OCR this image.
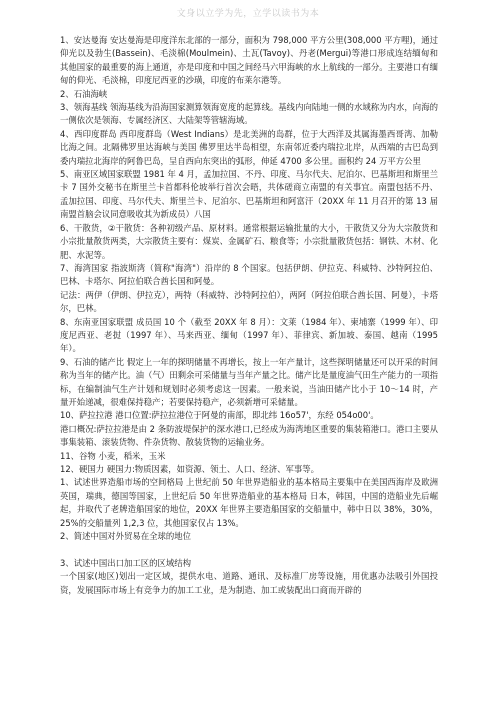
文身以立学为先，立学以读书为本

1、安达曼海 安达曼海是印度洋东北部的一部分，面积为 798,000 平方公里(308,000 平方哩)，通过仰光以及勃生(Bassein)、毛淡棉(Moulmein)、土瓦(Tavoy)、丹老(Mergui)等港口形成连结缅甸和其他国家的最重要的海上通道，亦是印度和中国之间经马六甲海峡的水上航线的一部分。主要港口有缅甸的仰光、毛淡棉，印度尼西亚的沙璜，印度的布莱尔港等。

2、石油海峡

3、领海基线 领海基线为沿海国家测算领海宽度的起算线。基线内向陆地一侧的水域称为内水，向海的一侧依次是领海、专属经济区、大陆架等管辖海域。

4、西印度群岛 西印度群岛（West Indians）是北美洲的岛群，位于大西洋及其属海墨西哥湾、加勒比海之间。北隔佛罗里达海峡与美国 佛罗里达半岛相望，东南邻近委内瑞拉北岸，从西端的古巴岛到委内瑞拉北海岸的阿鲁巴岛，呈自西向东突出的弧形，伸延 4700 多公里。面积约 24 万平方公里

5、南亚区域国家联盟 1981 年 4 月，孟加拉国、不丹、印度、马尔代夫、尼泊尔、巴基斯坦和斯里兰卡 7 国外交秘书在斯里兰卡首都科伦坡举行首次会晤，共体磋商立南盟的有关事宜。南盟包括不丹、孟加拉国、印度、马尔代夫、斯里兰卡、尼泊尔、巴基斯坦和阿富汗（20XX 年 11 月召开的第 13 届南盟首脑会议同意吸收其为新成员）八国

6、干散货，②干散货：各种初级产品、原材料。通常根据运输批量的大小，干散货又分为大宗散货和小宗批量散货两类，大宗散货主要有：煤炭、金属矿石、粮食等；小宗批量散货包括：钢铁、木材、化肥、水泥等。

7、海湾国家 指波斯湾（简称"海湾"）沿岸的 8 个国家。包括伊朗、伊拉克、科威特、沙特阿拉伯、巴林、卡塔尔、阿拉伯联合酋长国和阿曼。

记法：两伊（伊朗、伊拉克），两特（科威特、沙特阿拉伯），两阿（阿拉伯联合酋长国、阿曼），卡塔尔，巴林。

8、东南亚国家联盟 成员国 10 个（截至 20XX 年 8 月）：文莱（1984 年）、柬埔寨（1999 年）、印度尼西亚、老挝（1997 年）、马来西亚、缅甸（1997 年）、菲律宾、新加坡、泰国、越南（1995 年）。

9、石油的储产比 假定上一年的探明储量不再增长，按上一年产量计，这些探明储量还可以开采的时间称为当年的储产比。油（气）田剩余可采储量与当年产量之比。储产比是量度油气田生产能力的一项指标，在编制油气生产计划和规划时必须考虑这一因素。一般来说，当油田储产比小于 10～14 时，产量开始递减，很难保持稳产；若要保持稳产，必须新增可采储量。

10、萨拉拉港 港口位置:萨拉拉港位于阿曼的南部，即北纬 16o57'，东经 054o00'。

港口概况:萨拉拉港是由 2 条防波堤保护的深水港口,已经成为海湾地区重要的集装箱港口。港口主要从事集装箱、滚装货物、件杂货物、散装货物的运输业务。

11、谷物 小麦，稻米，玉米

12、硬国力 硬国力:物质因素，如资源、领土、人口、经济、军事等。

1、试述世界造船市场的空间格局 上世纪前 50 年世界造船业的基本格局主要集中在美国西海岸及欧洲英国，瑞典，德国等国家，上世纪后 50 年世界造船业的基本格局 日本，韩国，中国的造船业先后崛起，并取代了老牌造船国家的地位，20XX 年世界主要造船国家的交船量中，韩中日以 38%，30%，25%的交船量列 1,2,3 位，其他国家仅占 13%。

2、简述中国对外贸易在全球的地位

3、试述中国出口加工区的区域结构

一个国家(地区)划出一定区域，提供水电、道路、通讯、及标准厂房等设施，用优惠办法吸引外国投资，发展国际市场上有竞争力的加工工业，是为制造、加工或装配出口商而开辟的
